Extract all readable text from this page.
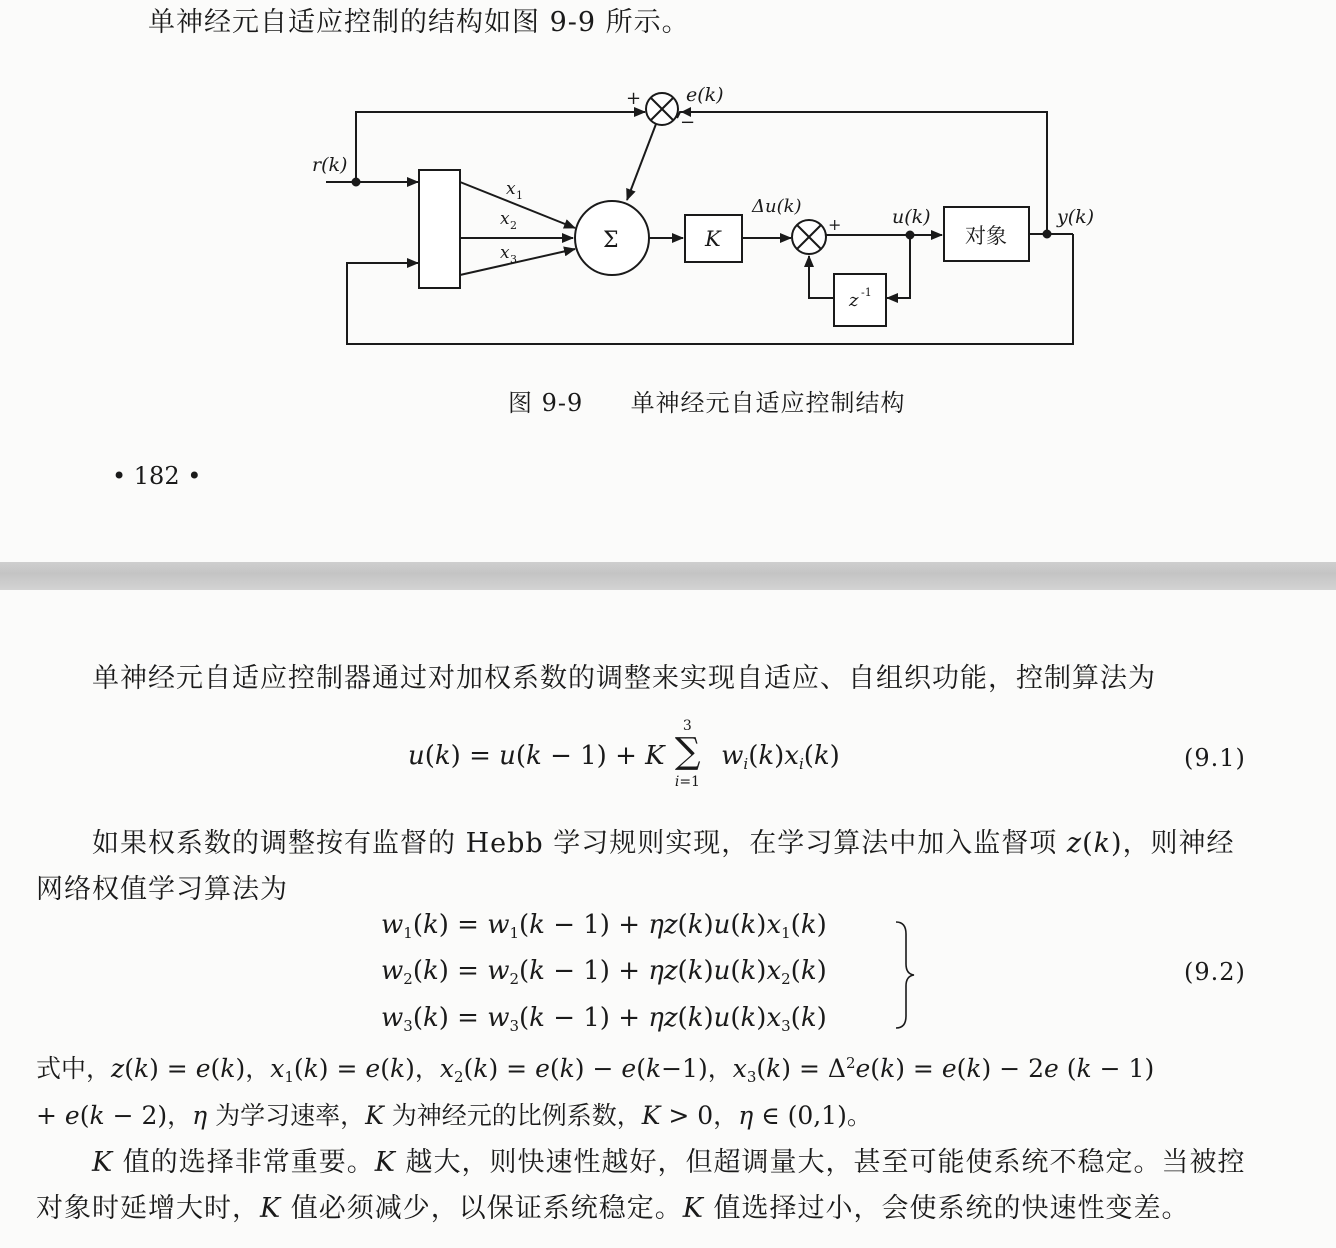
单神经元自适应控制的结构如图 9-9 所示。
r(k)
+
−
e(k)
x 1
x 2
x 3
Σ	K
Δu(k)
+	u(k)
z -1
对象
y(k)
图 9-9 单神经元自适应控制结构
• 182 •
单神经元自适应控制器通过对加权系数的调整来实现自适应、自组织功能，控制算法为
u(k) = u(k − 1) + K
3
∑
i=1
$w_i(k)x_i(k)$	(9.1)
如果权系数的调整按有监督的 Hebb 学习规则实现，在学习算法中加入监督项 z(k)，则神经
网络权值学习算法为
$w_1(k) = w_1(k - 1) + \eta z(k)u(k)x_1(k)$
$w_2(k) = w_2(k - 1) + \eta z(k)u(k)x_2(k)$
$w_3(k) = w_3(k - 1) + \eta z(k)u(k)x_3(k)$
(9.2)
式中，z(k) = e(k)，$x_1(k) = e(k)$，$x_2(k) = e(k) - e(k-1)$，$x_3(k) = \Delta^2e(k) = e(k) - 2e$ (k − 1)
+ e(k − 2)，η 为学习速率，K 为神经元的比例系数，K > 0，η ∈ (0,1)。
K 值的选择非常重要。K 越大，则快速性越好，但超调量大，甚至可能使系统不稳定。当被控
对象时延增大时，K 值必须减少，以保证系统稳定。K 值选择过小，会使系统的快速性变差。
